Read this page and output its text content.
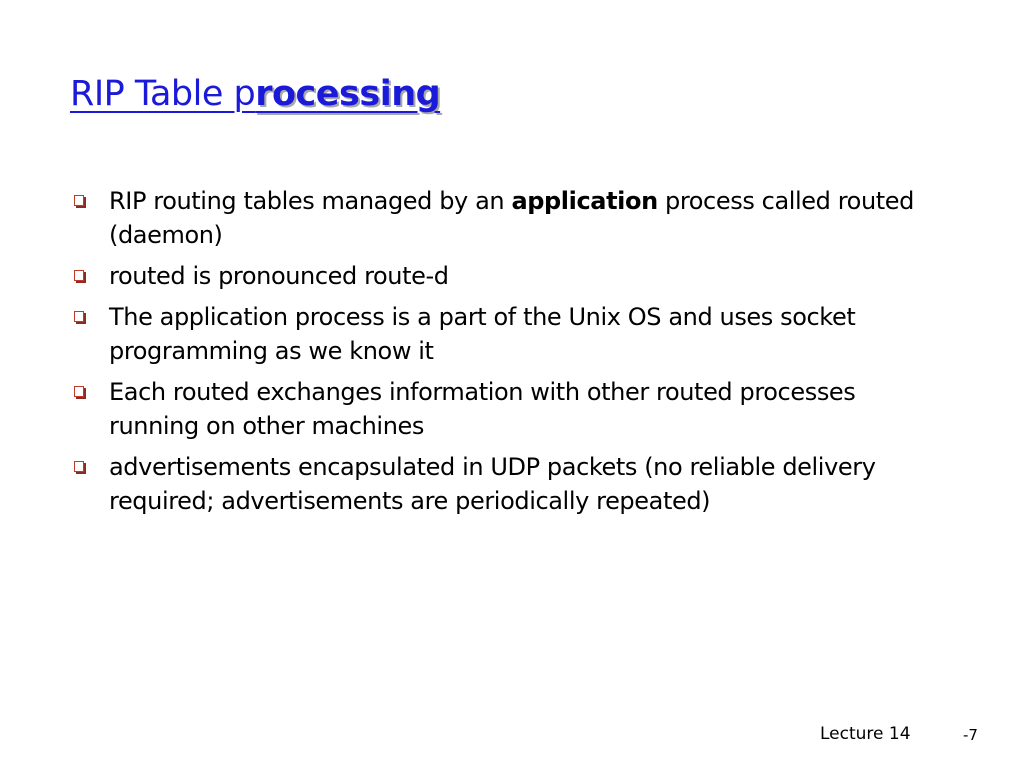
RIP Table processing
RIP routing tables managed by an application process called routed (daemon)
routed is pronounced route-d
The application process is a part of the Unix OS and uses socket programming as we know it
Each routed exchanges information with other routed processes running on other machines
advertisements encapsulated in UDP packets (no reliable delivery required; advertisements are periodically repeated)
Lecture 14	-7
